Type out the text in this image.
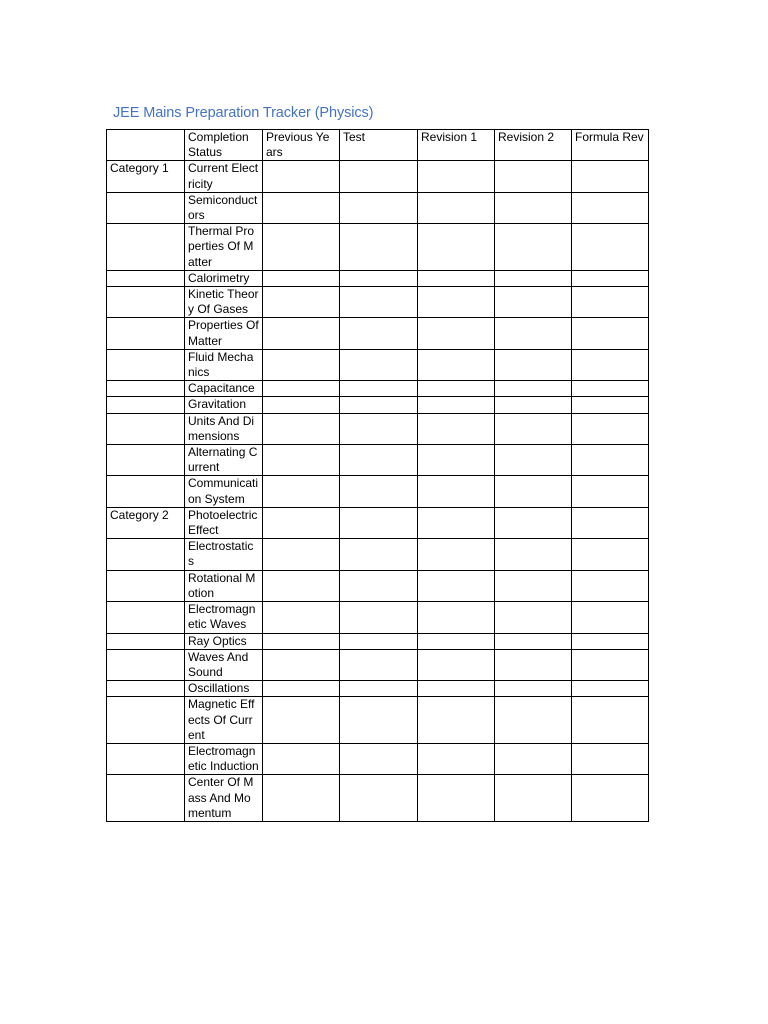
JEE Mains Preparation Tracker (Physics)
	Completion Status	Previous Years	Test	Revision 1	Revision 2	Formula Rev
Category 1	Current Electricity					
	Semiconductors					
	Thermal Properties Of Matter					
	Calorimetry					
	Kinetic Theory Of Gases					
	Properties Of Matter					
	Fluid Mechanics					
	Capacitance					
	Gravitation					
	Units And Dimensions					
	Alternating Current					
	Communication System					
Category 2	Photoelectric Effect					
	Electrostatics					
	Rotational Motion					
	Electromagnetic Waves					
	Ray Optics					
	Waves And Sound					
	Oscillations					
	Magnetic Effects Of Current					
	Electromagnetic Induction					
	Center Of Mass And Momentum					
